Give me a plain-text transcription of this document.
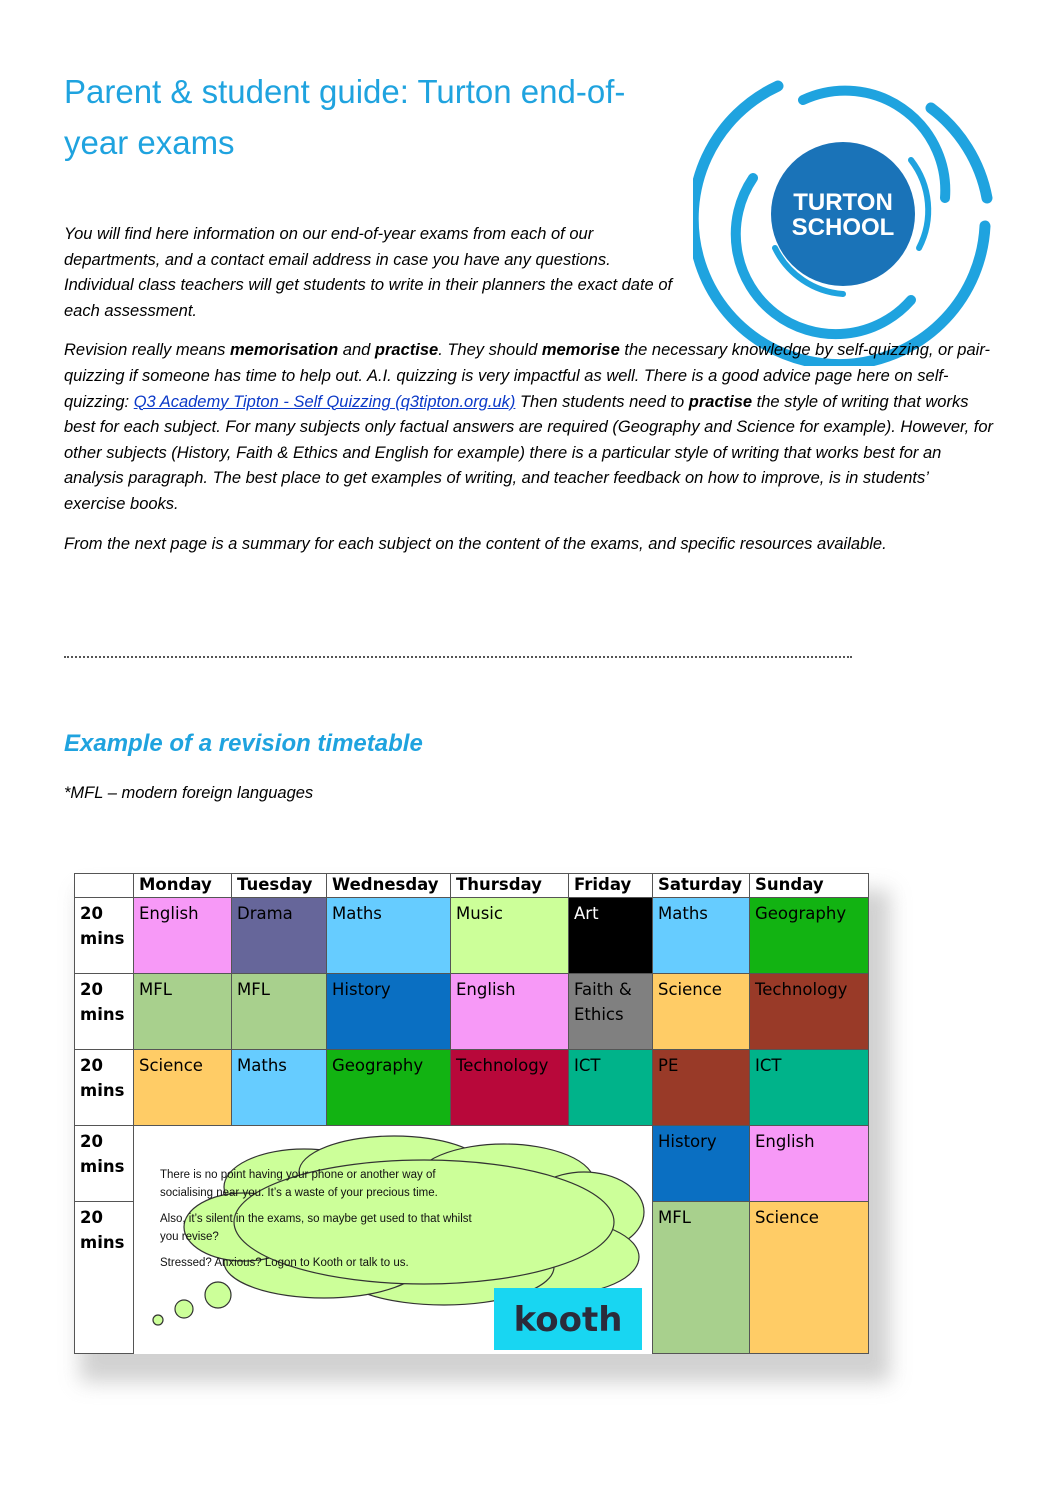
Parent & student guide: Turton end-of-year exams
TURTON
SCHOOL

You will find here information on our end-of-year exams from each of our departments, and a contact email address in case you have any questions. Individual class teachers will get students to write in their planners the exact date of each assessment.

Revision really means memorisation and practise. They should memorise the necessary knowledge by self-quizzing, or pair-quizzing if someone has time to help out. A.I. quizzing is very impactful as well. There is a good advice page here on self-quizzing: Q3 Academy Tipton - Self Quizzing (q3tipton.org.uk) Then students need to practise the style of writing that works best for each subject. For many subjects only factual answers are required (Geography and Science for example). However, for other subjects (History, Faith & Ethics and English for example) there is a particular style of writing that works best for an analysis paragraph. The best place to get examples of writing, and teacher feedback on how to improve, is in students’ exercise books.

From the next page is a summary for each subject on the content of the exams, and specific resources available.

Example of a revision timetable

*MFL – modern foreign languages

	Monday	Tuesday	Wednesday	Thursday	Friday	Saturday	Sunday
20 mins	English	Drama	Maths	Music	Art	Maths	Geography
20 mins	MFL	MFL	History	English	Faith & Ethics	Science	Technology
20 mins	Science	Maths	Geography	Technology	ICT	PE	ICT
20 mins						History	English
20 mins						MFL	Science

There is no point having your phone or another way of socialising near you. It’s a waste of your precious time.

Also, it’s silent in the exams, so maybe get used to that whilst you revise?

Stressed? Anxious? Logon to Kooth or talk to us.

kooth
